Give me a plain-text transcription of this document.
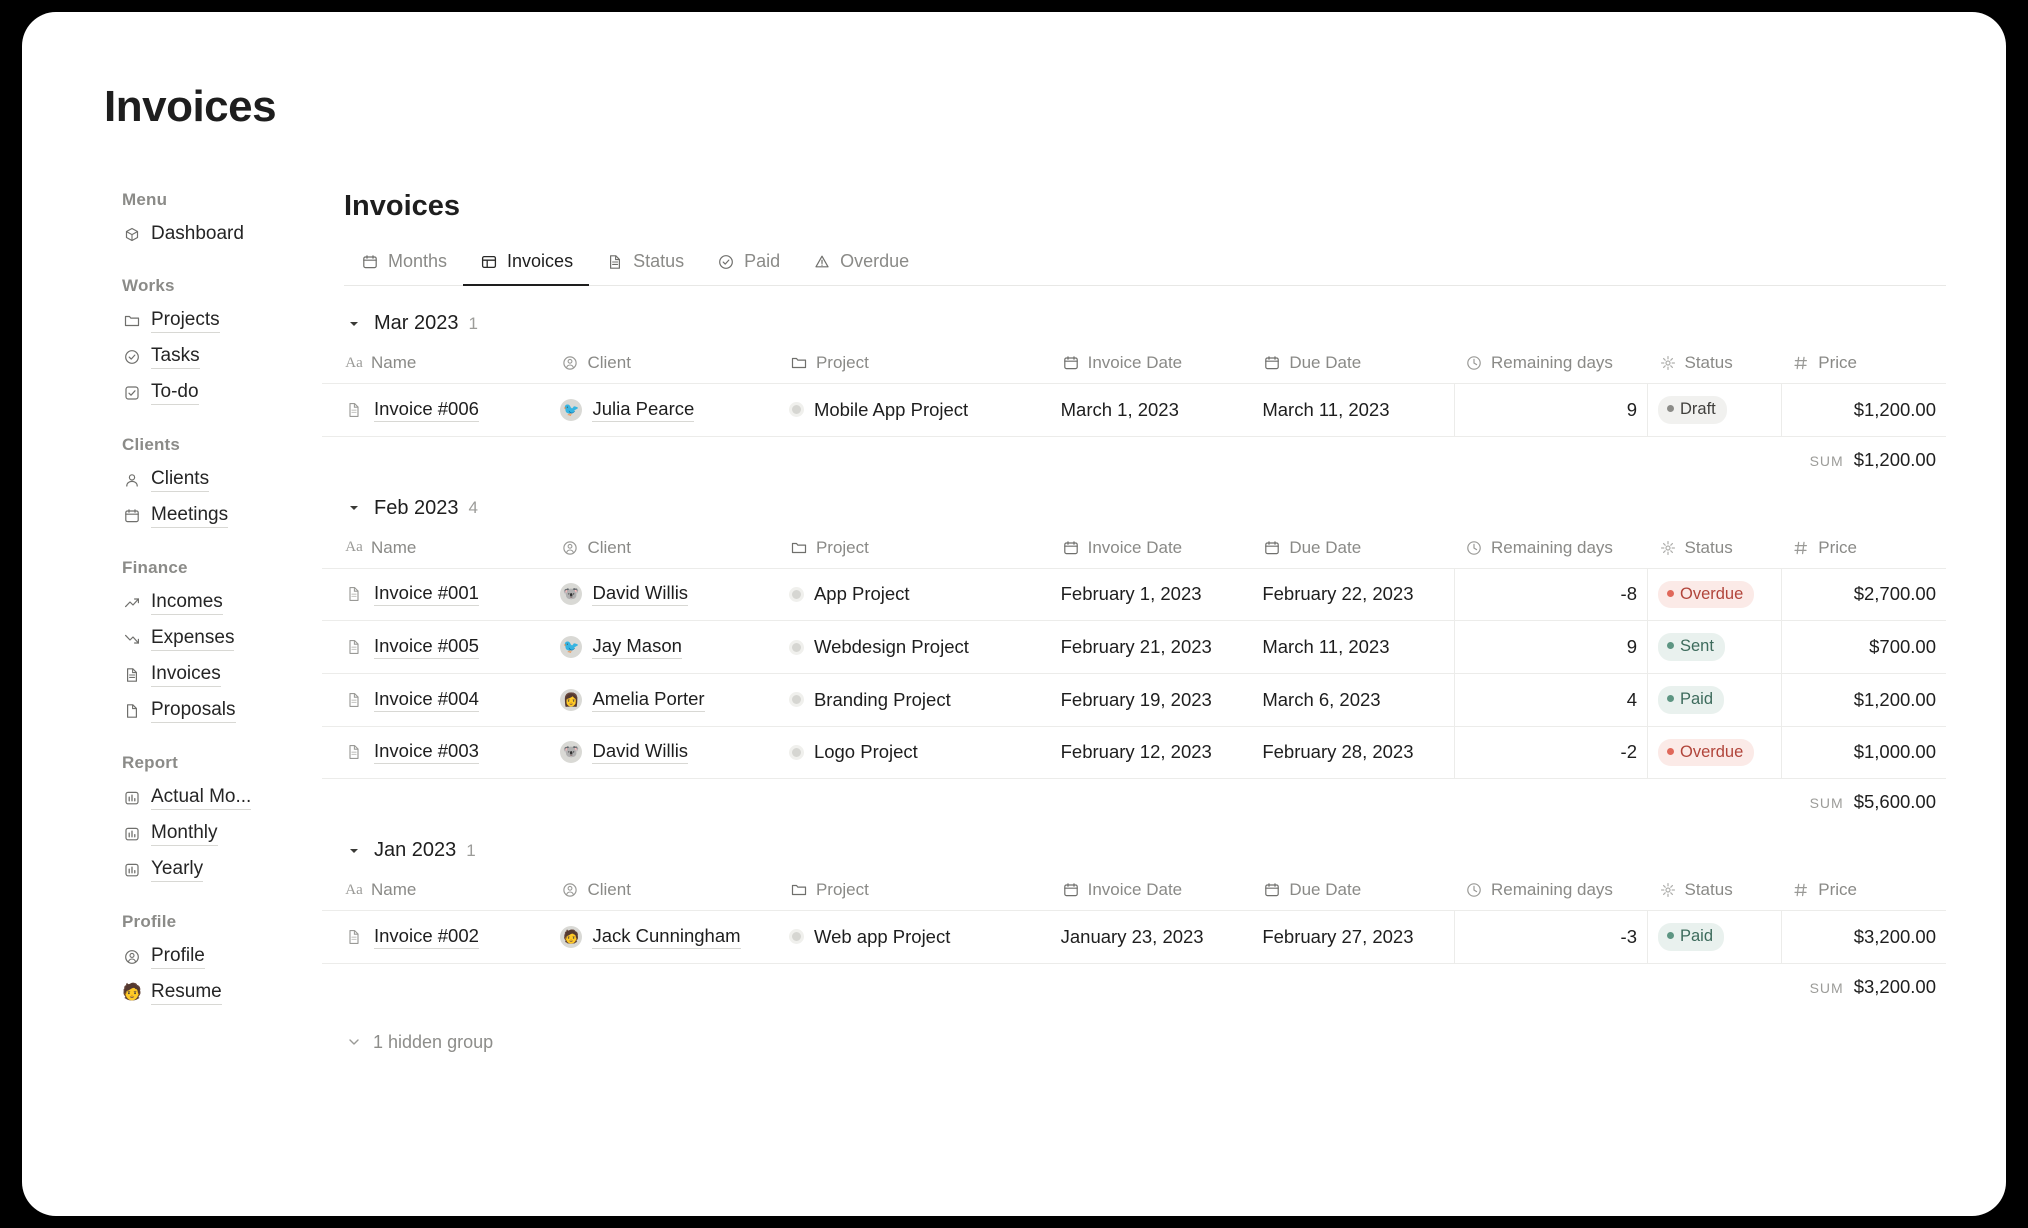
Invoices
Menu
Dashboard
Works
Projects
Tasks
To-do
Clients
Clients
Meetings
Finance
Incomes
Expenses
Invoices
Proposals
Report
Actual Mo...
Monthly
Yearly
Profile
Profile
🧑 Resume
Invoices
Months	Invoices	Status	Paid	Overdue
Mar 2023 1
Aa Name	Client	Project	Invoice Date	Due Date	Remaining days	Status	Price

Invoice #006	🐦 Julia Pearce	Mobile App Project	March 1, 2023	March 11, 2023	9	Draft	$1,200.00
SUM $1,200.00
Feb 2023 4
Aa Name	Client	Project	Invoice Date	Due Date	Remaining days	Status	Price

Invoice #001	🐨 David Willis	App Project	February 1, 2023	February 22, 2023	-8	Overdue	$2,700.00

Invoice #005	🐦 Jay Mason	Webdesign Project	February 21, 2023	March 11, 2023	9	Sent	$700.00

Invoice #004	👩 Amelia Porter	Branding Project	February 19, 2023	March 6, 2023	4	Paid	$1,200.00

Invoice #003	🐨 David Willis	Logo Project	February 12, 2023	February 28, 2023	-2	Overdue	$1,000.00
SUM $5,600.00
Jan 2023 1
Aa Name	Client	Project	Invoice Date	Due Date	Remaining days	Status	Price

Invoice #002	🧑 Jack Cunningham	Web app Project	January 23, 2023	February 27, 2023	-3	Paid	$3,200.00
SUM $3,200.00
1 hidden group
